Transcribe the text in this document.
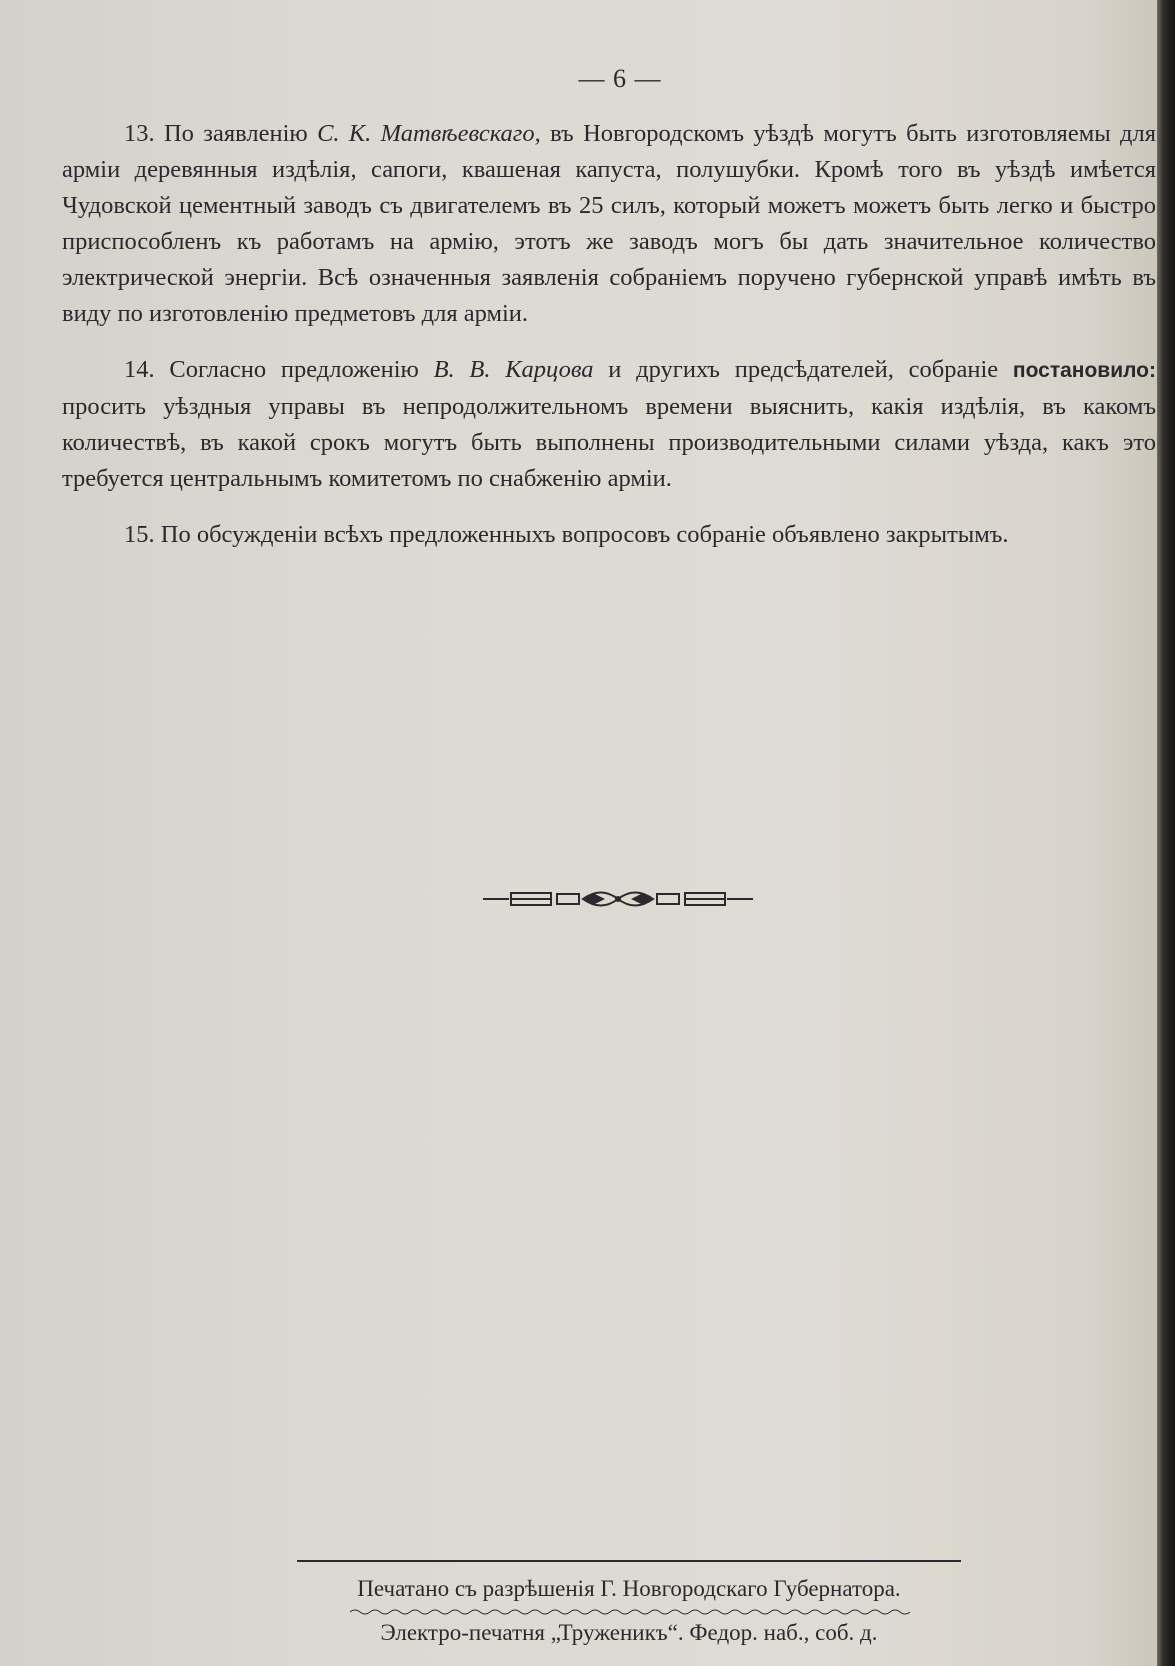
— 6 —

13. По заявленію С. К. Матвѣевскаго, въ Новгородскомъ уѣздѣ могутъ быть изготовляемы для арміи деревянныя издѣлія, сапоги, квашеная капуста, полушубки. Кромѣ того въ уѣздѣ имѣется Чудовской цементный заводъ съ двигателемъ въ 25 силъ, который можетъ можетъ быть легко и быстро приспособленъ къ работамъ на армію, этотъ же заводъ могъ бы дать значительное количество электрической энергіи. Всѣ означенныя заявленія собраніемъ поручено губернской управѣ имѣть въ виду по изготовленію предметовъ для арміи.

14. Согласно предложенію В. В. Карцова и другихъ предсѣдателей, собраніе постановило: просить уѣздныя управы въ непродолжительномъ времени выяснить, какія издѣлія, въ какомъ количествѣ, въ какой срокъ могутъ быть выполнены производительными силами уѣзда, какъ это требуется центральнымъ комитетомъ по снабженію арміи.

15. По обсужденіи всѣхъ предложенныхъ вопросовъ собраніе объявлено закрытымъ.

Печатано съ разрѣшенія Г. Новгородскаго Губернатора.
Электро-печатня „Труженикъ“. Федор. наб., соб. д.
